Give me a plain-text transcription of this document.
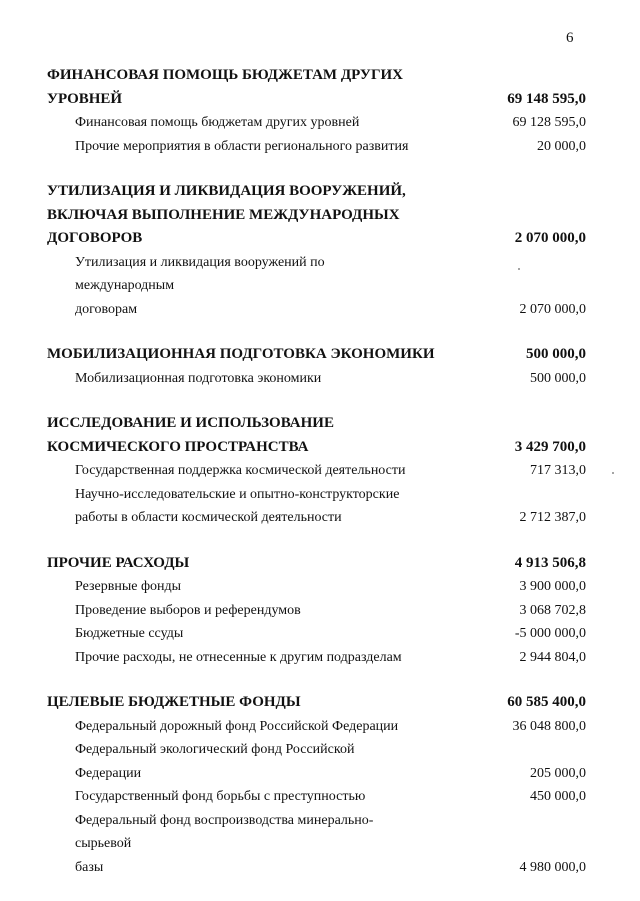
6
ФИНАНСОВАЯ ПОМОЩЬ БЮДЖЕТАМ ДРУГИХ
УРОВНЕЙ	69 148 595,0
Финансовая помощь бюджетам других уровней	69 128 595,0
Прочие мероприятия в области регионального развития	20 000,0
УТИЛИЗАЦИЯ И ЛИКВИДАЦИЯ ВООРУЖЕНИЙ,
ВКЛЮЧАЯ ВЫПОЛНЕНИЕ МЕЖДУНАРОДНЫХ
ДОГОВОРОВ	2 070 000,0
Утилизация и ликвидация вооружений по международным
договорам	2 070 000,0
МОБИЛИЗАЦИОННАЯ ПОДГОТОВКА ЭКОНОМИКИ	500 000,0
Мобилизационная подготовка экономики	500 000,0
ИССЛЕДОВАНИЕ И ИСПОЛЬЗОВАНИЕ
КОСМИЧЕСКОГО ПРОСТРАНСТВА	3 429 700,0
Государственная поддержка космической деятельности	717 313,0
Научно-исследовательские и опытно-конструкторские
работы в области космической деятельности	2 712 387,0
ПРОЧИЕ РАСХОДЫ	4 913 506,8
Резервные фонды	3 900 000,0
Проведение выборов и референдумов	3 068 702,8
Бюджетные ссуды	-5 000 000,0
Прочие расходы, не отнесенные к другим подразделам	2 944 804,0
ЦЕЛЕВЫЕ БЮДЖЕТНЫЕ ФОНДЫ	60 585 400,0
Федеральный дорожный фонд Российской Федерации	36 048 800,0
Федеральный экологический фонд Российской Федерации	205 000,0
Государственный фонд борьбы с преступностью	450 000,0
Федеральный фонд воспроизводства минерально-сырьевой
базы	4 980 000,0
